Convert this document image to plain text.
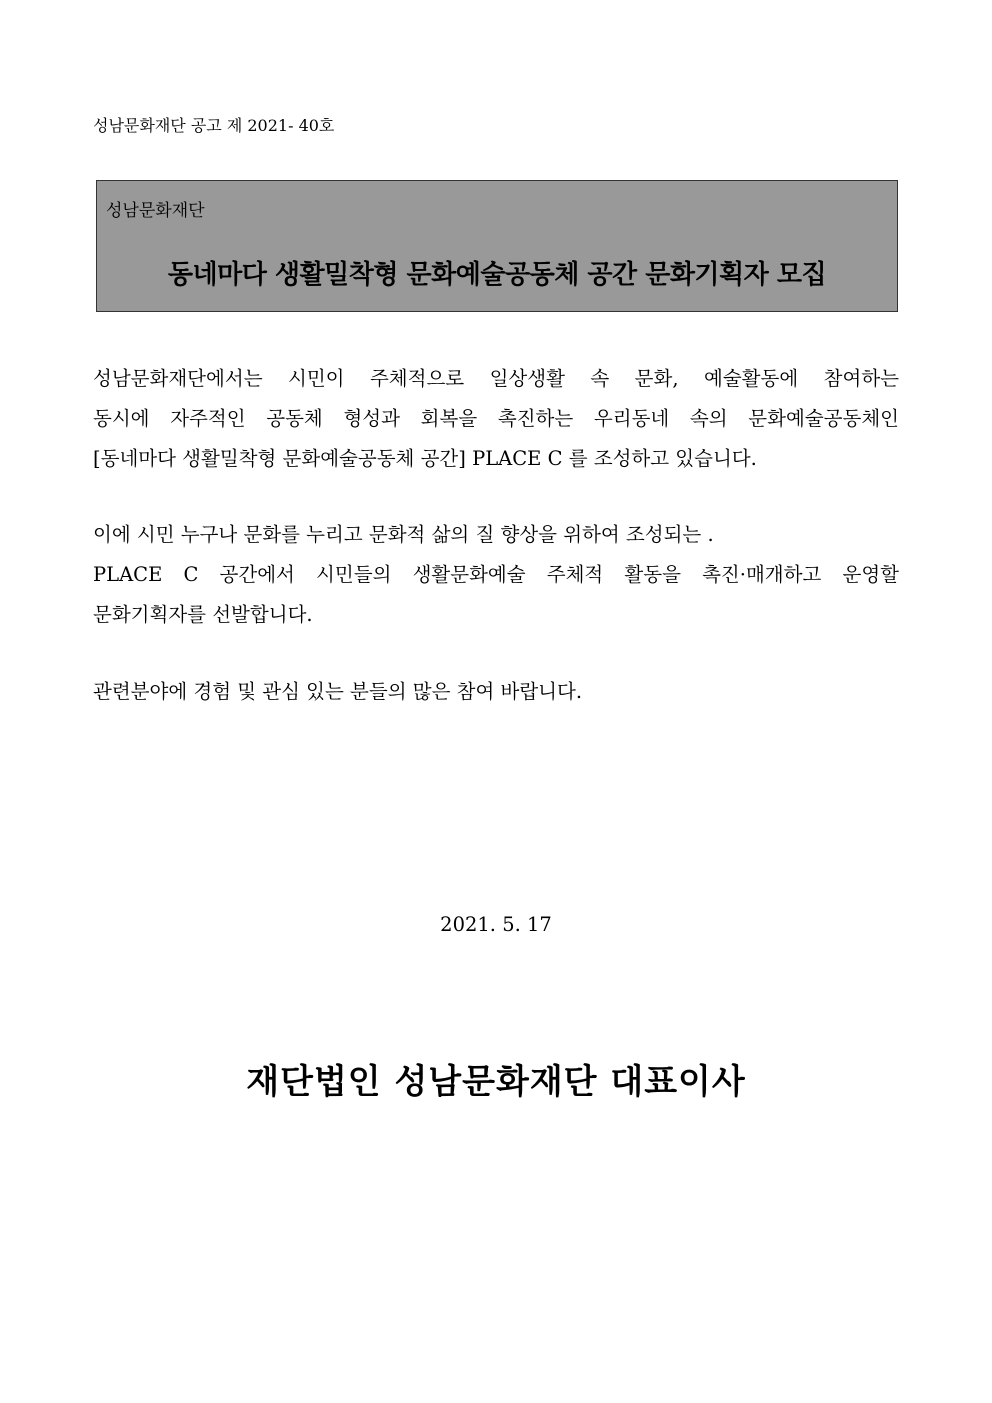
성남문화재단 공고 제 2021- 40호
성남문화재단
동네마다 생활밀착형 문화예술공동체 공간 문화기획자 모집
성남문화재단에서는 시민이 주체적으로 일상생활 속 문화, 예술활동에 참여하는
동시에 자주적인 공동체 형성과 회복을 촉진하는 우리동네 속의 문화예술공동체인
[동네마다 생활밀착형 문화예술공동체 공간] PLACE C 를 조성하고 있습니다.
이에 시민 누구나 문화를 누리고 문화적 삶의 질 향상을 위하여 조성되는 .
PLACE C 공간에서 시민들의 생활문화예술 주체적 활동을 촉진·매개하고 운영할
문화기획자를 선발합니다.
관련분야에 경험 및 관심 있는 분들의 많은 참여 바랍니다.
2021. 5. 17
재단법인 성남문화재단 대표이사
